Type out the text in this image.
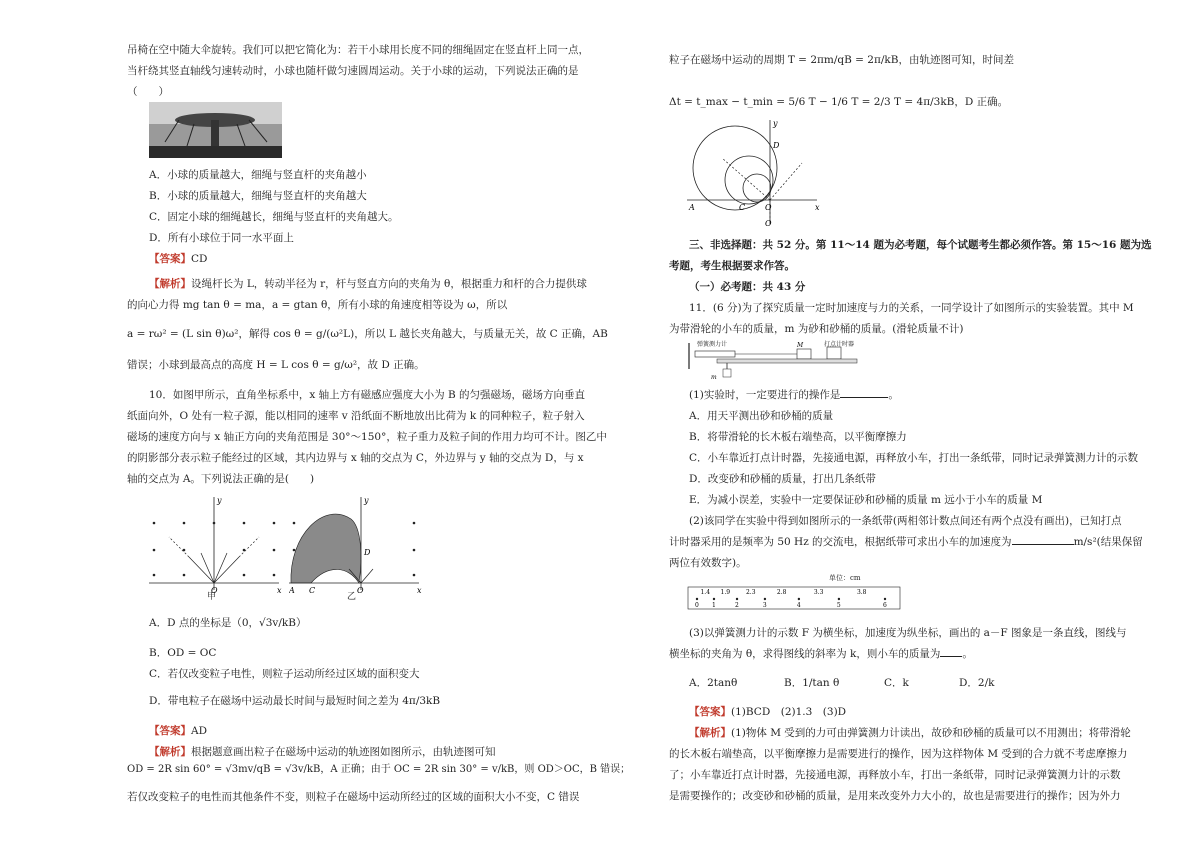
吊椅在空中随大伞旋转。我们可以把它简化为：若干小球用长度不同的细绳固定在竖直杆上同一点，

当杆绕其竖直轴线匀速转动时，小球也随杆做匀速圆周运动。关于小球的运动，下列说法正确的是

（　　）

A．小球的质量越大，细绳与竖直杆的夹角越小

B．小球的质量越大，细绳与竖直杆的夹角越大

C．固定小球的细绳越长，细绳与竖直杆的夹角越大。

D．所有小球位于同一水平面上

【答案】CD

【解析】设绳杆长为 L，转动半径为 r，杆与竖直方向的夹角为 θ，根据重力和杆的合力提供球

的向心力得 mg tan θ = ma，a = gtan θ，所有小球的角速度相等设为 ω，所以

a = rω² = (L sin θ)ω²，解得 cos θ = g/(ω²L)，所以 L 越长夹角越大，与质量无关，故 C 正确，AB

错误；小球到最高点的高度 H = L cos θ = g/ω²，故 D 正确。

10．如图甲所示，直角坐标系中，x 轴上方有磁感应强度大小为 B 的匀强磁场，磁场方向垂直

纸面向外，O 处有一粒子源，能以相同的速率 v 沿纸面不断地放出比荷为 k 的同种粒子，粒子射入

磁场的速度方向与 x 轴正方向的夹角范围是 30°～150°，粒子重力及粒子间的作用力均可不计。图乙中

的阴影部分表示粒子能经过的区域，其内边界与 x 轴的交点为 C，外边界与 y 轴的交点为 D，与 x

轴的交点为 A。下列说法正确的是(　　)

y
x
O
甲
y
D
x
A C	O
乙

A．D 点的坐标是（0，√3v/kB）

B．OD = OC

C．若仅改变粒子电性，则粒子运动所经过区域的面积变大

D．带电粒子在磁场中运动最长时间与最短时间之差为 4π/3kB

【答案】AD

【解析】根据题意画出粒子在磁场中运动的轨迹图如图所示，由轨迹图可知

OD = 2R sin 60° = √3mv/qB = √3v/kB，A 正确；由于 OC = 2R sin 30° = v/kB，则 OD＞OC，B 错误；

若仅改变粒子的电性而其他条件不变，则粒子在磁场中运动所经过的区域的面积大小不变，C 错误

粒子在磁场中运动的周期 T = 2πm/qB = 2π/kB，由轨迹图可知，时间差

Δt = t_max − t_min = 5/6 T − 1/6 T = 2/3 T = 4π/3kB，D 正确。

y
x
A	C O
D
O

三、非选择题：共 52 分。第 11～14 题为必考题，每个试题考生都必须作答。第 15～16 题为选

考题，考生根据要求作答。

（一）必考题：共 43 分

11．(6 分)为了探究质量一定时加速度与力的关系，一同学设计了如图所示的实验装置。其中 M

为带滑轮的小车的质量，m 为砂和砂桶的质量。(滑轮质量不计)

M
m
弹簧测力计	打点计时器

(1)实验时，一定要进行的操作是	。

A．用天平测出砂和砂桶的质量

B．将带滑轮的长木板右端垫高，以平衡摩擦力

C．小车靠近打点计时器，先接通电源，再释放小车，打出一条纸带，同时记录弹簧测力计的示数

D．改变砂和砂桶的质量，打出几条纸带

E．为减小误差，实验中一定要保证砂和砂桶的质量 m 远小于小车的质量 M

(2)该同学在实验中得到如图所示的一条纸带(两相邻计数点间还有两个点没有画出)，已知打点

计时器采用的是频率为 50 Hz 的交流电，根据纸带可求出小车的加速度为	m/s²(结果保留

两位有效数字)。

单位：cm
0 1	2	3	4	5	6
1.4 1.9	2.3	2.8	3.3	3.8

(3)以弹簧测力计的示数 F 为横坐标，加速度为纵坐标，画出的 a－F 图象是一条直线，图线与

横坐标的夹角为 θ，求得图线的斜率为 k，则小车的质量为 。

A．2tanθ	B．1/tan θ	C．k	D．2/k

【答案】(1)BCD　(2)1.3　(3)D

【解析】(1)物体 M 受到的力可由弹簧测力计读出，故砂和砂桶的质量可以不用测出；将带滑轮

的长木板右端垫高，以平衡摩擦力是需要进行的操作，因为这样物体 M 受到的合力就不考虑摩擦力

了；小车靠近打点计时器，先接通电源，再释放小车，打出一条纸带，同时记录弹簧测力计的示数

是需要操作的；改变砂和砂桶的质量，是用来改变外力大小的，故也是需要进行的操作；因为外力
